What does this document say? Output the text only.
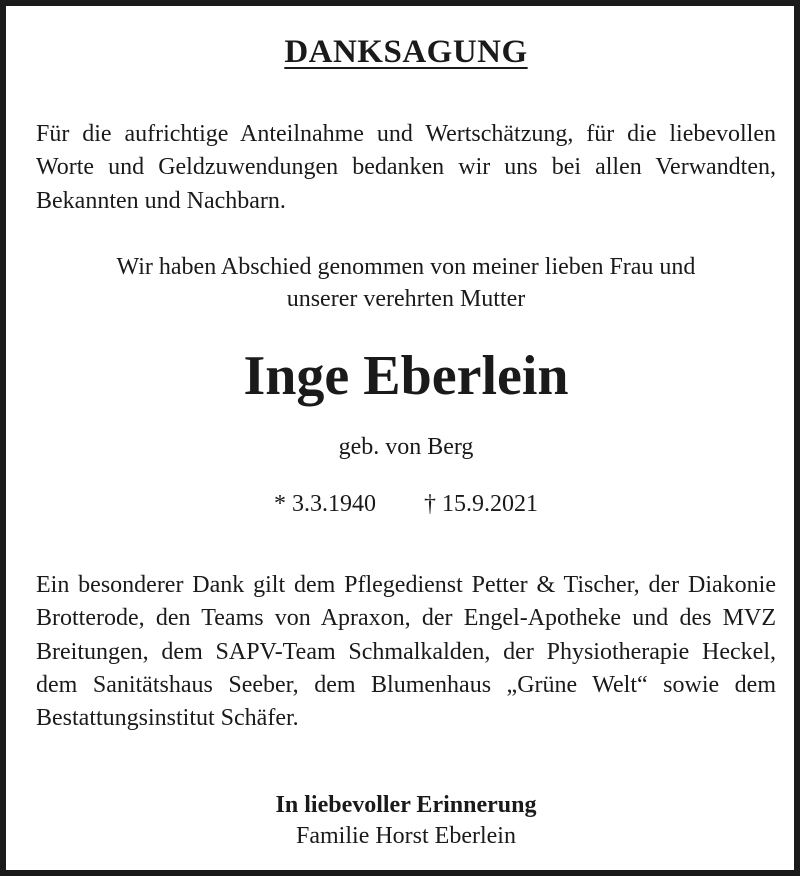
DANKSAGUNG
Für die aufrichtige Anteilnahme und Wertschätzung, für die liebevollen Worte und Geldzuwendungen bedanken wir uns bei allen Verwandten, Bekannten und Nachbarn.
Wir haben Abschied genommen von meiner lieben Frau und
unserer verehrten Mutter
Inge Eberlein
geb. von Berg
* 3.3.1940 † 15.9.2021
Ein besonderer Dank gilt dem Pflegedienst Petter & Tischer, der Diakonie Brotterode, den Teams von Apraxon, der Engel-Apotheke und des MVZ Breitungen, dem SAPV-Team Schmalkalden, der Physiotherapie Heckel, dem Sanitätshaus Seeber, dem Blumenhaus „Grüne Welt“ sowie dem Bestattungsinstitut Schäfer.
In liebevoller Erinnerung
Familie Horst Eberlein
